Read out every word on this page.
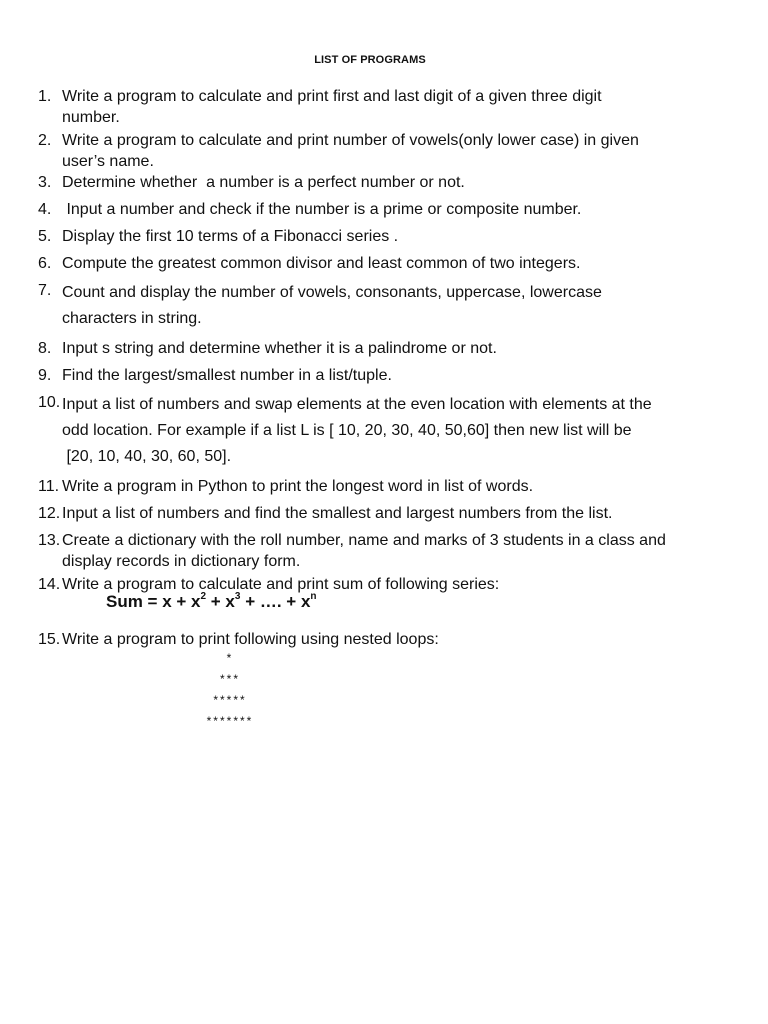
LIST OF PROGRAMS
1. Write a program to calculate and print first and last digit of a given three digit
number.
2. Write a program to calculate and print number of vowels(only lower case) in given
user’s name.
3. Determine whether  a number is a perfect number or not.
4. Input a number and check if the number is a prime or composite number.
5. Display the first 10 terms of a Fibonacci series .
6. Compute the greatest common divisor and least common of two integers.
7. Count and display the number of vowels, consonants, uppercase, lowercase
characters in string.
8. Input s string and determine whether it is a palindrome or not.
9. Find the largest/smallest number in a list/tuple.
10. Input a list of numbers and swap elements at the even location with elements at the
odd location. For example if a list L is [ 10, 20, 30, 40, 50,60] then new list will be
[20, 10, 40, 30, 60, 50].
11. Write a program in Python to print the longest word in list of words.
12. Input a list of numbers and find the smallest and largest numbers from the list.
13. Create a dictionary with the roll number, name and marks of 3 students in a class and
display records in dictionary form.
14. Write a program to calculate and print sum of following series:
15. Write a program to print following using nested loops:
Sum = $x + x^2 + x^3$ + …. + $x^n$
*
***
*****
*******
